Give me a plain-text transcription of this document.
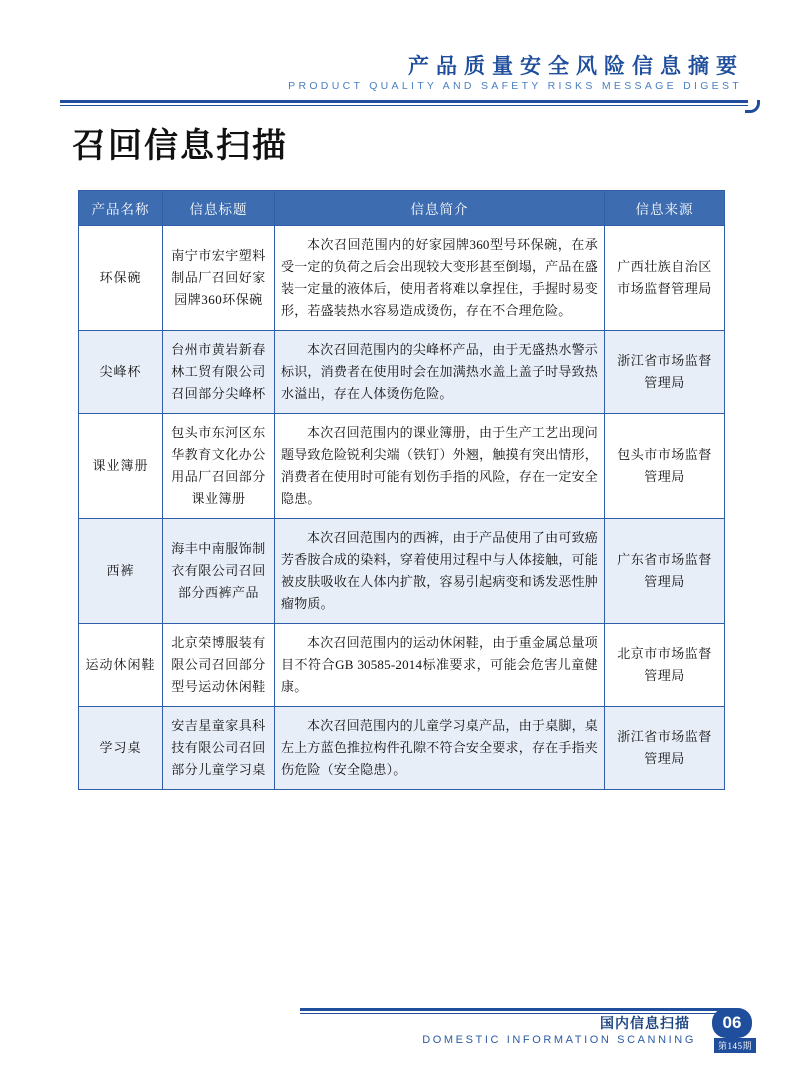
产品质量安全风险信息摘要
PRODUCT QUALITY AND SAFETY RISKS MESSAGE DIGEST
召回信息扫描
产品名称	信息标题	信息简介	信息来源
环保碗	南宁市宏宇塑料制品厂召回好家园牌360环保碗	本次召回范围内的好家园牌360型号环保碗，在承受一定的负荷之后会出现较大变形甚至倒塌，产品在盛装一定量的液体后，使用者将难以拿捏住，手握时易变形，若盛装热水容易造成烫伤，存在不合理危险。	广西壮族自治区市场监督管理局
尖峰杯	台州市黄岩新春林工贸有限公司召回部分尖峰杯	本次召回范围内的尖峰杯产品，由于无盛热水警示标识，消费者在使用时会在加满热水盖上盖子时导致热水溢出，存在人体烫伤危险。	浙江省市场监督管理局
课业簿册	包头市东河区东华教育文化办公用品厂召回部分课业簿册	本次召回范围内的课业簿册，由于生产工艺出现问题导致危险锐利尖端（铁钉）外翘，触摸有突出情形，消费者在使用时可能有划伤手指的风险，存在一定安全隐患。	包头市市场监督管理局
西裤	海丰中南服饰制衣有限公司召回部分西裤产品	本次召回范围内的西裤，由于产品使用了由可致癌芳香胺合成的染料，穿着使用过程中与人体接触，可能被皮肤吸收在人体内扩散，容易引起病变和诱发恶性肿瘤物质。	广东省市场监督管理局
运动休闲鞋	北京荣博服装有限公司召回部分型号运动休闲鞋	本次召回范围内的运动休闲鞋，由于重金属总量项目不符合GB 30585-2014标准要求，可能会危害儿童健康。	北京市市场监督管理局
学习桌	安吉星童家具科技有限公司召回部分儿童学习桌	本次召回范围内的儿童学习桌产品，由于桌脚，桌左上方蓝色推拉构件孔隙不符合安全要求，存在手指夹伤危险（安全隐患）。	浙江省市场监督管理局
国内信息扫描
DOMESTIC INFORMATION SCANNING
06
第145期
